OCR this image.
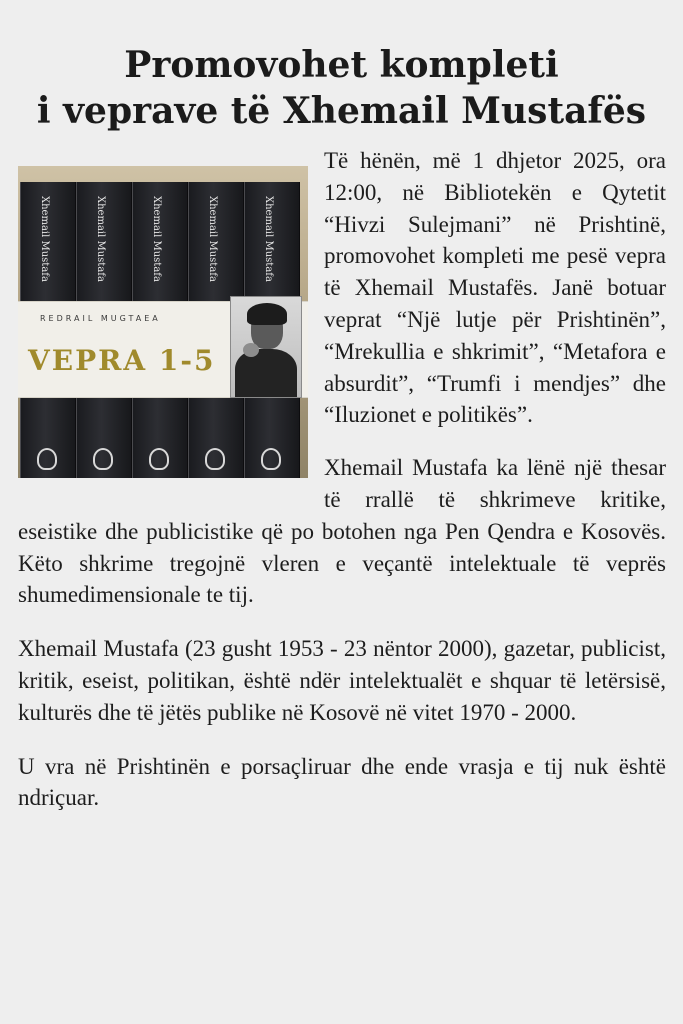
Promovohet kompleti
i veprave të Xhemail Mustafës
Xhemail Mustafa	Xhemail Mustafa	Xhemail Mustafa	Xhemail Mustafa	Xhemail Mustafa
REDRAIL MUGTAEA
VEPRA 1-5

Të hënën, më 1 dhjetor 2025, ora 12:00, në Bibliotekën e Qytetit “Hivzi Sulejmani” në Prishtinë, promovohet kompleti me pesë vepra të Xhemail Mustafës. Janë botuar veprat “Një lutje për Prishtinën”, “Mrekullia e shkrimit”, “Metafora e absurdit”, “Trumfi i mendjes” dhe “Iluzionet e politikës”.

Xhemail Mustafa ka lënë një thesar të rrallë të shkrimeve kritike, eseistike dhe publicistike që po botohen nga Pen Qendra e Kosovës. Këto shkrime tregojnë vleren e veçantë intelektuale të veprës shumedimensionale te tij.

Xhemail Mustafa (23 gusht 1953 - 23 nëntor 2000), gazetar, publicist, kritik, eseist, politikan, është ndër intelektualët e shquar të letërsisë, kulturës dhe të jëtës publike në Kosovë në vitet 1970 - 2000.

U vra në Prishtinën e porsaçliruar dhe ende vrasja e tij nuk është ndriçuar.
